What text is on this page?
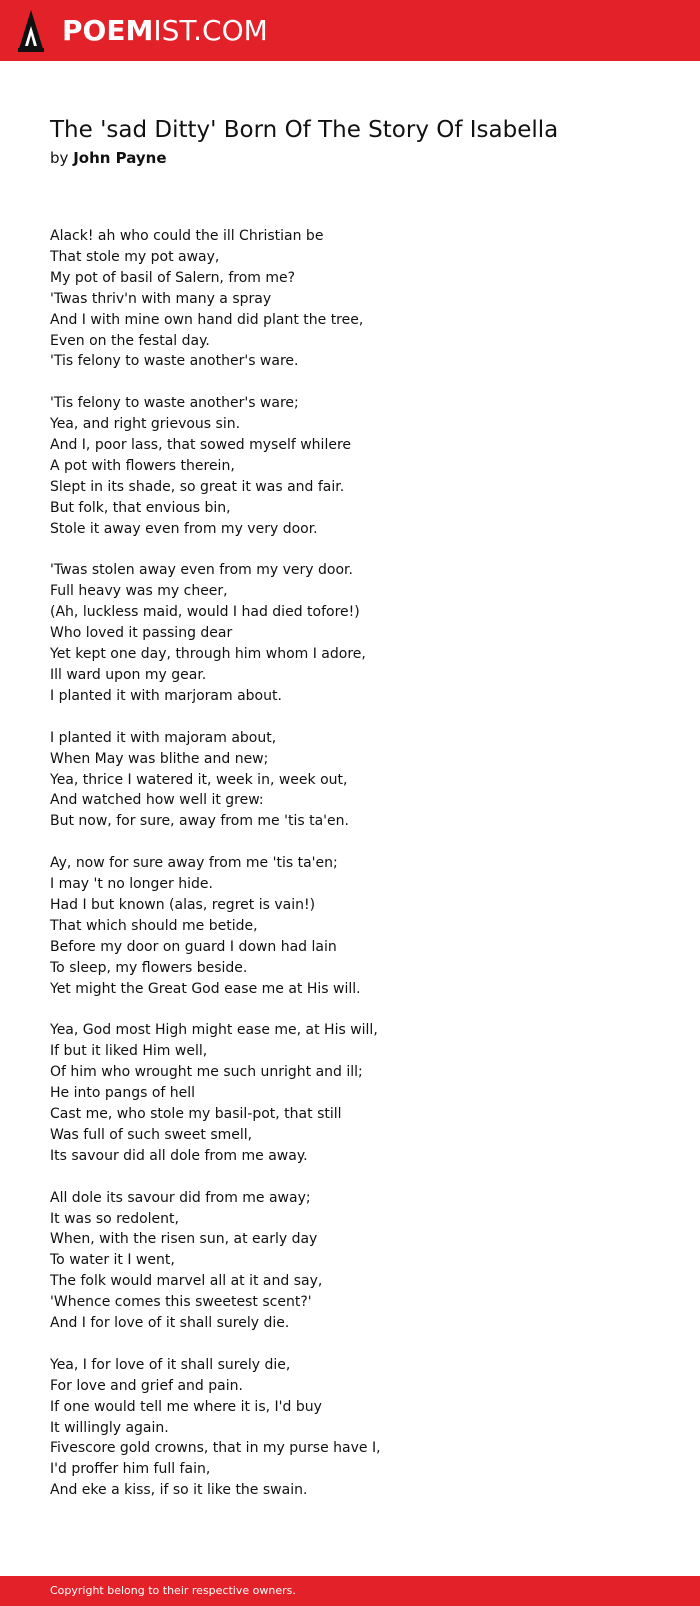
POEMIST.COM
The 'sad Ditty' Born Of The Story Of Isabella
by John Payne
Alack! ah who could the ill Christian be
That stole my pot away,
My pot of basil of Salern, from me?
'Twas thriv'n with many a spray
And I with mine own hand did plant the tree,
Even on the festal day.
'Tis felony to waste another's ware.
'Tis felony to waste another's ware;
Yea, and right grievous sin.
And I, poor lass, that sowed myself whilere
A pot with flowers therein,
Slept in its shade, so great it was and fair.
But folk, that envious bin,
Stole it away even from my very door.
'Twas stolen away even from my very door.
Full heavy was my cheer,
(Ah, luckless maid, would I had died tofore!)
Who loved it passing dear
Yet kept one day, through him whom I adore,
Ill ward upon my gear.
I planted it with marjoram about.
I planted it with majoram about,
When May was blithe and new;
Yea, thrice I watered it, week in, week out,
And watched how well it grew:
But now, for sure, away from me 'tis ta'en.
Ay, now for sure away from me 'tis ta'en;
I may 't no longer hide.
Had I but known (alas, regret is vain!)
That which should me betide,
Before my door on guard I down had lain
To sleep, my flowers beside.
Yet might the Great God ease me at His will.
Yea, God most High might ease me, at His will,
If but it liked Him well,
Of him who wrought me such unright and ill;
He into pangs of hell
Cast me, who stole my basil-pot, that still
Was full of such sweet smell,
Its savour did all dole from me away.
All dole its savour did from me away;
It was so redolent,
When, with the risen sun, at early day
To water it I went,
The folk would marvel all at it and say,
'Whence comes this sweetest scent?'
And I for love of it shall surely die.
Yea, I for love of it shall surely die,
For love and grief and pain.
If one would tell me where it is, I'd buy
It willingly again.
Fivescore gold crowns, that in my purse have I,
I'd proffer him full fain,
And eke a kiss, if so it like the swain.
Copyright belong to their respective owners.
